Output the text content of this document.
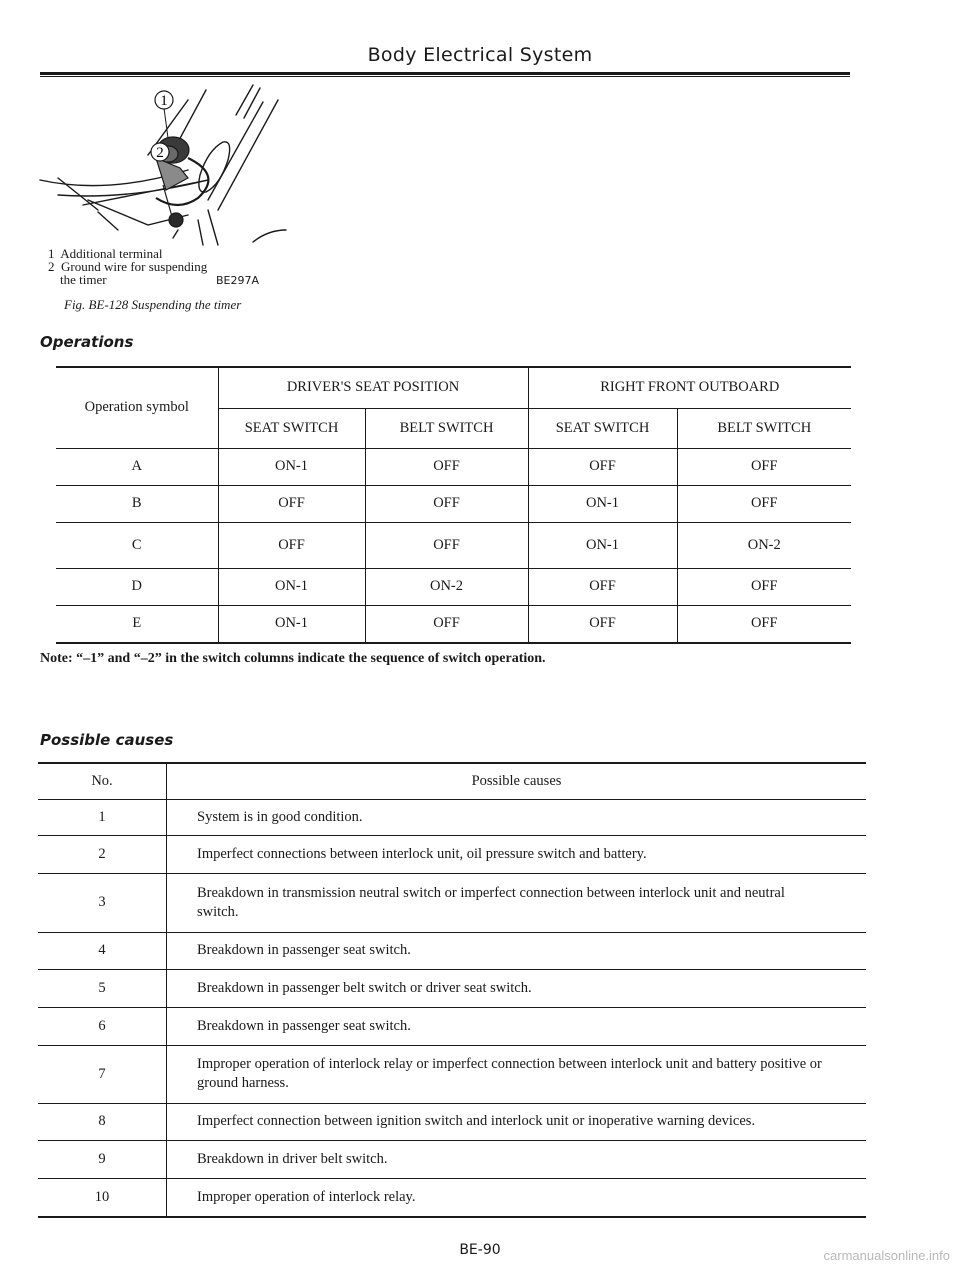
Body Electrical System
1
2
1 Additional terminal
2 Ground wire for suspending
the timer	BE297A
Fig. BE-128 Suspending the timer
Operations
Operation symbol	DRIVER'S SEAT POSITION		RIGHT FRONT OUTBOARD	
	SEAT SWITCH	BELT SWITCH	SEAT SWITCH	BELT SWITCH
A	ON-1	OFF	OFF	OFF
B	OFF	OFF	ON-1	OFF
C	OFF	OFF	ON-1	ON-2
D	ON-1	ON-2	OFF	OFF
E	ON-1	OFF	OFF	OFF
Note: “–1” and “–2” in the switch columns indicate the sequence of switch operation.
Possible causes
No.	Possible causes
1	System is in good condition.
2	Imperfect connections between interlock unit, oil pressure switch and battery.
3	Breakdown in transmission neutral switch or imperfect connection between interlock unit and neutral switch.
4	Breakdown in passenger seat switch.
5	Breakdown in passenger belt switch or driver seat switch.
6	Breakdown in passenger seat switch.
7	Improper operation of interlock relay or imperfect connection between interlock unit and battery positive or ground harness.
8	Imperfect connection between ignition switch and interlock unit or inoperative warning devices.
9	Breakdown in driver belt switch.
10	Improper operation of interlock relay.
BE-90	carmanualsonline.info
